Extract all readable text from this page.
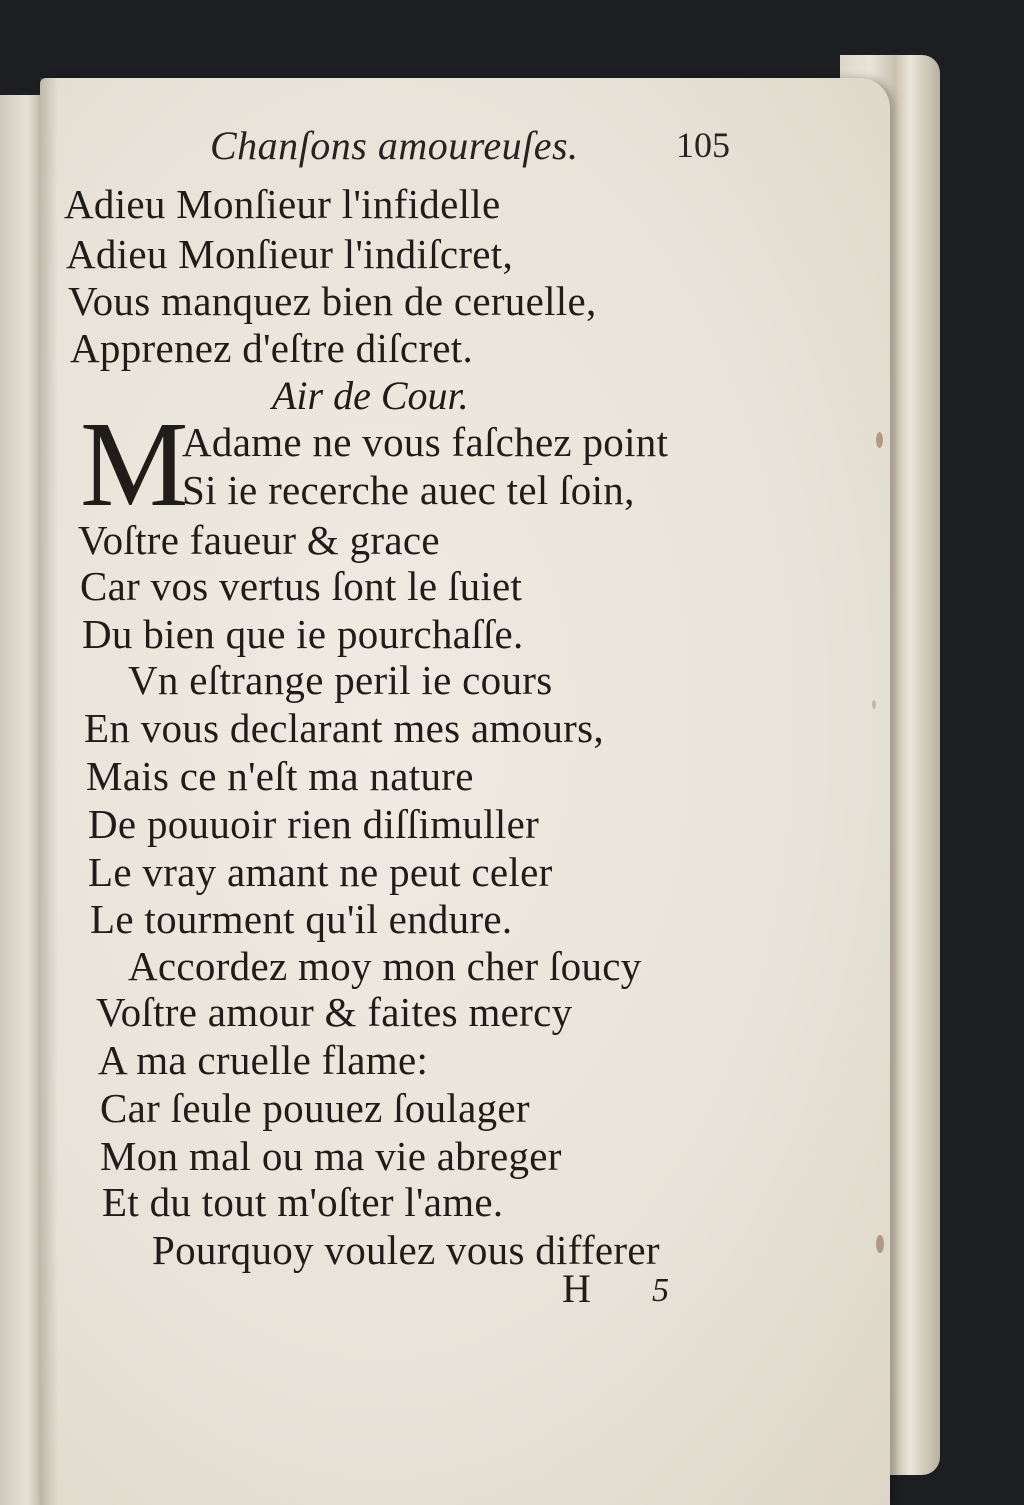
Chanſons amoureuſes.	105
Adieu Monſieur l'infidelle
Adieu Monſieur l'indiſcret,
Vous manquez bien de ceruelle,
Apprenez d'eſtre diſcret.
Air de Cour.
M
Adame ne vous faſchez point
Si ie recerche auec tel ſoin,
Voſtre faueur & grace
Car vos vertus ſont le ſuiet
Du bien que ie pourchaſſe.
Vn eſtrange peril ie cours
En vous declarant mes amours,
Mais ce n'eſt ma nature
De pouuoir rien diſſimuller
Le vray amant ne peut celer
Le tourment qu'il endure.
Accordez moy mon cher ſoucy
Voſtre amour & faites mercy
A ma cruelle flame:
Car ſeule pouuez ſoulager
Mon mal ou ma vie abreger
Et du tout m'oſter l'ame.
Pourquoy voulez vous differer
H 5
